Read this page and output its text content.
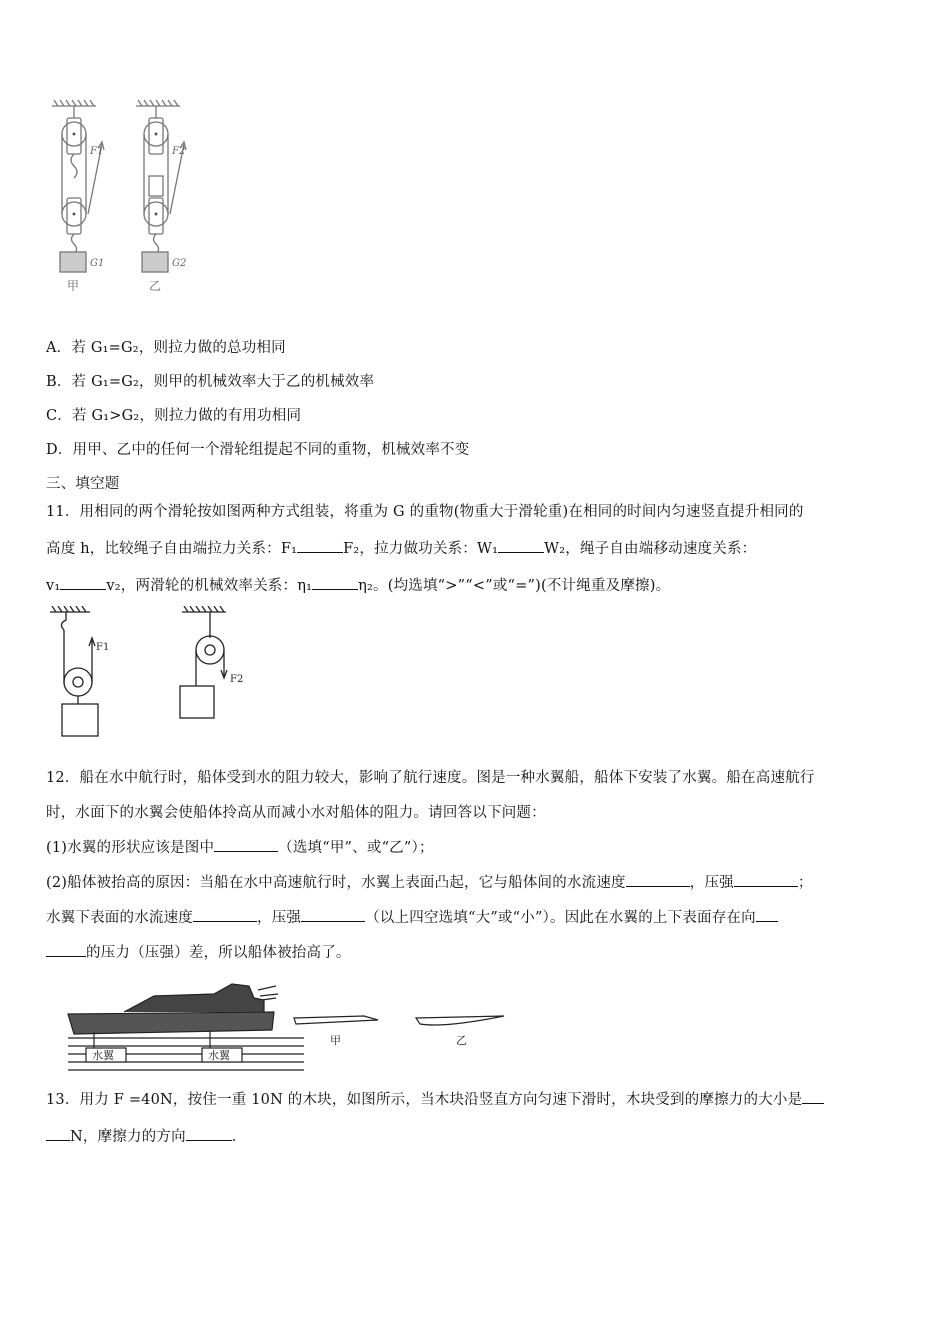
F1	F2
G1	G2
甲	乙
A．若 G₁=G₂，则拉力做的总功相同
B．若 G₁=G₂，则甲的机械效率大于乙的机械效率
C．若 G₁>G₂，则拉力做的有用功相同
D．用甲、乙中的任何一个滑轮组提起不同的重物，机械效率不变
三、填空题
11．用相同的两个滑轮按如图两种方式组装，将重为 G 的重物(物重大于滑轮重)在相同的时间内匀速竖直提升相同的
高度 h，比较绳子自由端拉力关系：F₁	F₂，拉力做功关系：W₁	W₂，绳子自由端移动速度关系：
v₁	v₂，两滑轮的机械效率关系：η₁	η₂。(均选填“>”“<”或“=”)(不计绳重及摩擦)。
F1
F2
12．船在水中航行时，船体受到水的阻力较大，影响了航行速度。图是一种水翼船，船体下安装了水翼。船在高速航行
时，水面下的水翼会使船体拎高从而减小水对船体的阻力。请回答以下问题：
(1)水翼的形状应该是图中	（选填“甲”、或“乙”）；
(2)船体被抬高的原因：当船在水中高速航行时，水翼上表面凸起，它与船体间的水流速度	，压强	；
水翼下表面的水流速度	，压强	（以上四空选填“大”或“小”）。因此在水翼的上下表面存在向
的压力（压强）差，所以船体被抬高了。
水翼	水翼
甲	乙
13．用力 F =40N，按住一重 10N 的木块，如图所示，当木块沿竖直方向匀速下滑时，木块受到的摩擦力的大小是
N，摩擦力的方向	.
